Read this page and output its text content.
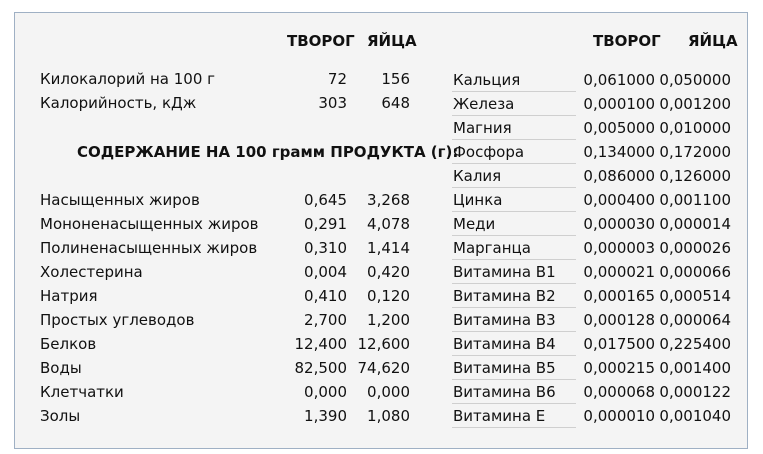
ТВОРОГ ЯЙЦА
Килокалорий на 100 г	72	156
Калорийность, кДж	303	648
СОДЕРЖАНИЕ НА 100 грамм ПРОДУКТА (г):
Насыщенных жиров	0,645	3,268
Мононенасыщенных жиров	0,291	4,078
Полиненасыщенных жиров	0,310	1,414
Холестерина	0,004	0,420
Натрия	0,410	0,120
Простых углеводов	2,700	1,200
Белков	12,400 12,600
Воды	82,500 74,620
Клетчатки	0,000	0,000
Золы	1,390	1,080
ТВОРОГ ЯЙЦА
Кальция	0,061000 0,050000
Железа	0,000100 0,001200
Магния	0,005000 0,010000
Фосфора	0,134000 0,172000
Калия	0,086000 0,126000
Цинка	0,000400 0,001100
Меди	0,000030 0,000014
Марганца	0,000003 0,000026
Витамина B1 0,000021 0,000066
Витамина B2 0,000165 0,000514
Витамина B3 0,000128 0,000064
Витамина B4 0,017500 0,225400
Витамина B5 0,000215 0,001400
Витамина B6 0,000068 0,000122
Витамина E	0,000010 0,001040
